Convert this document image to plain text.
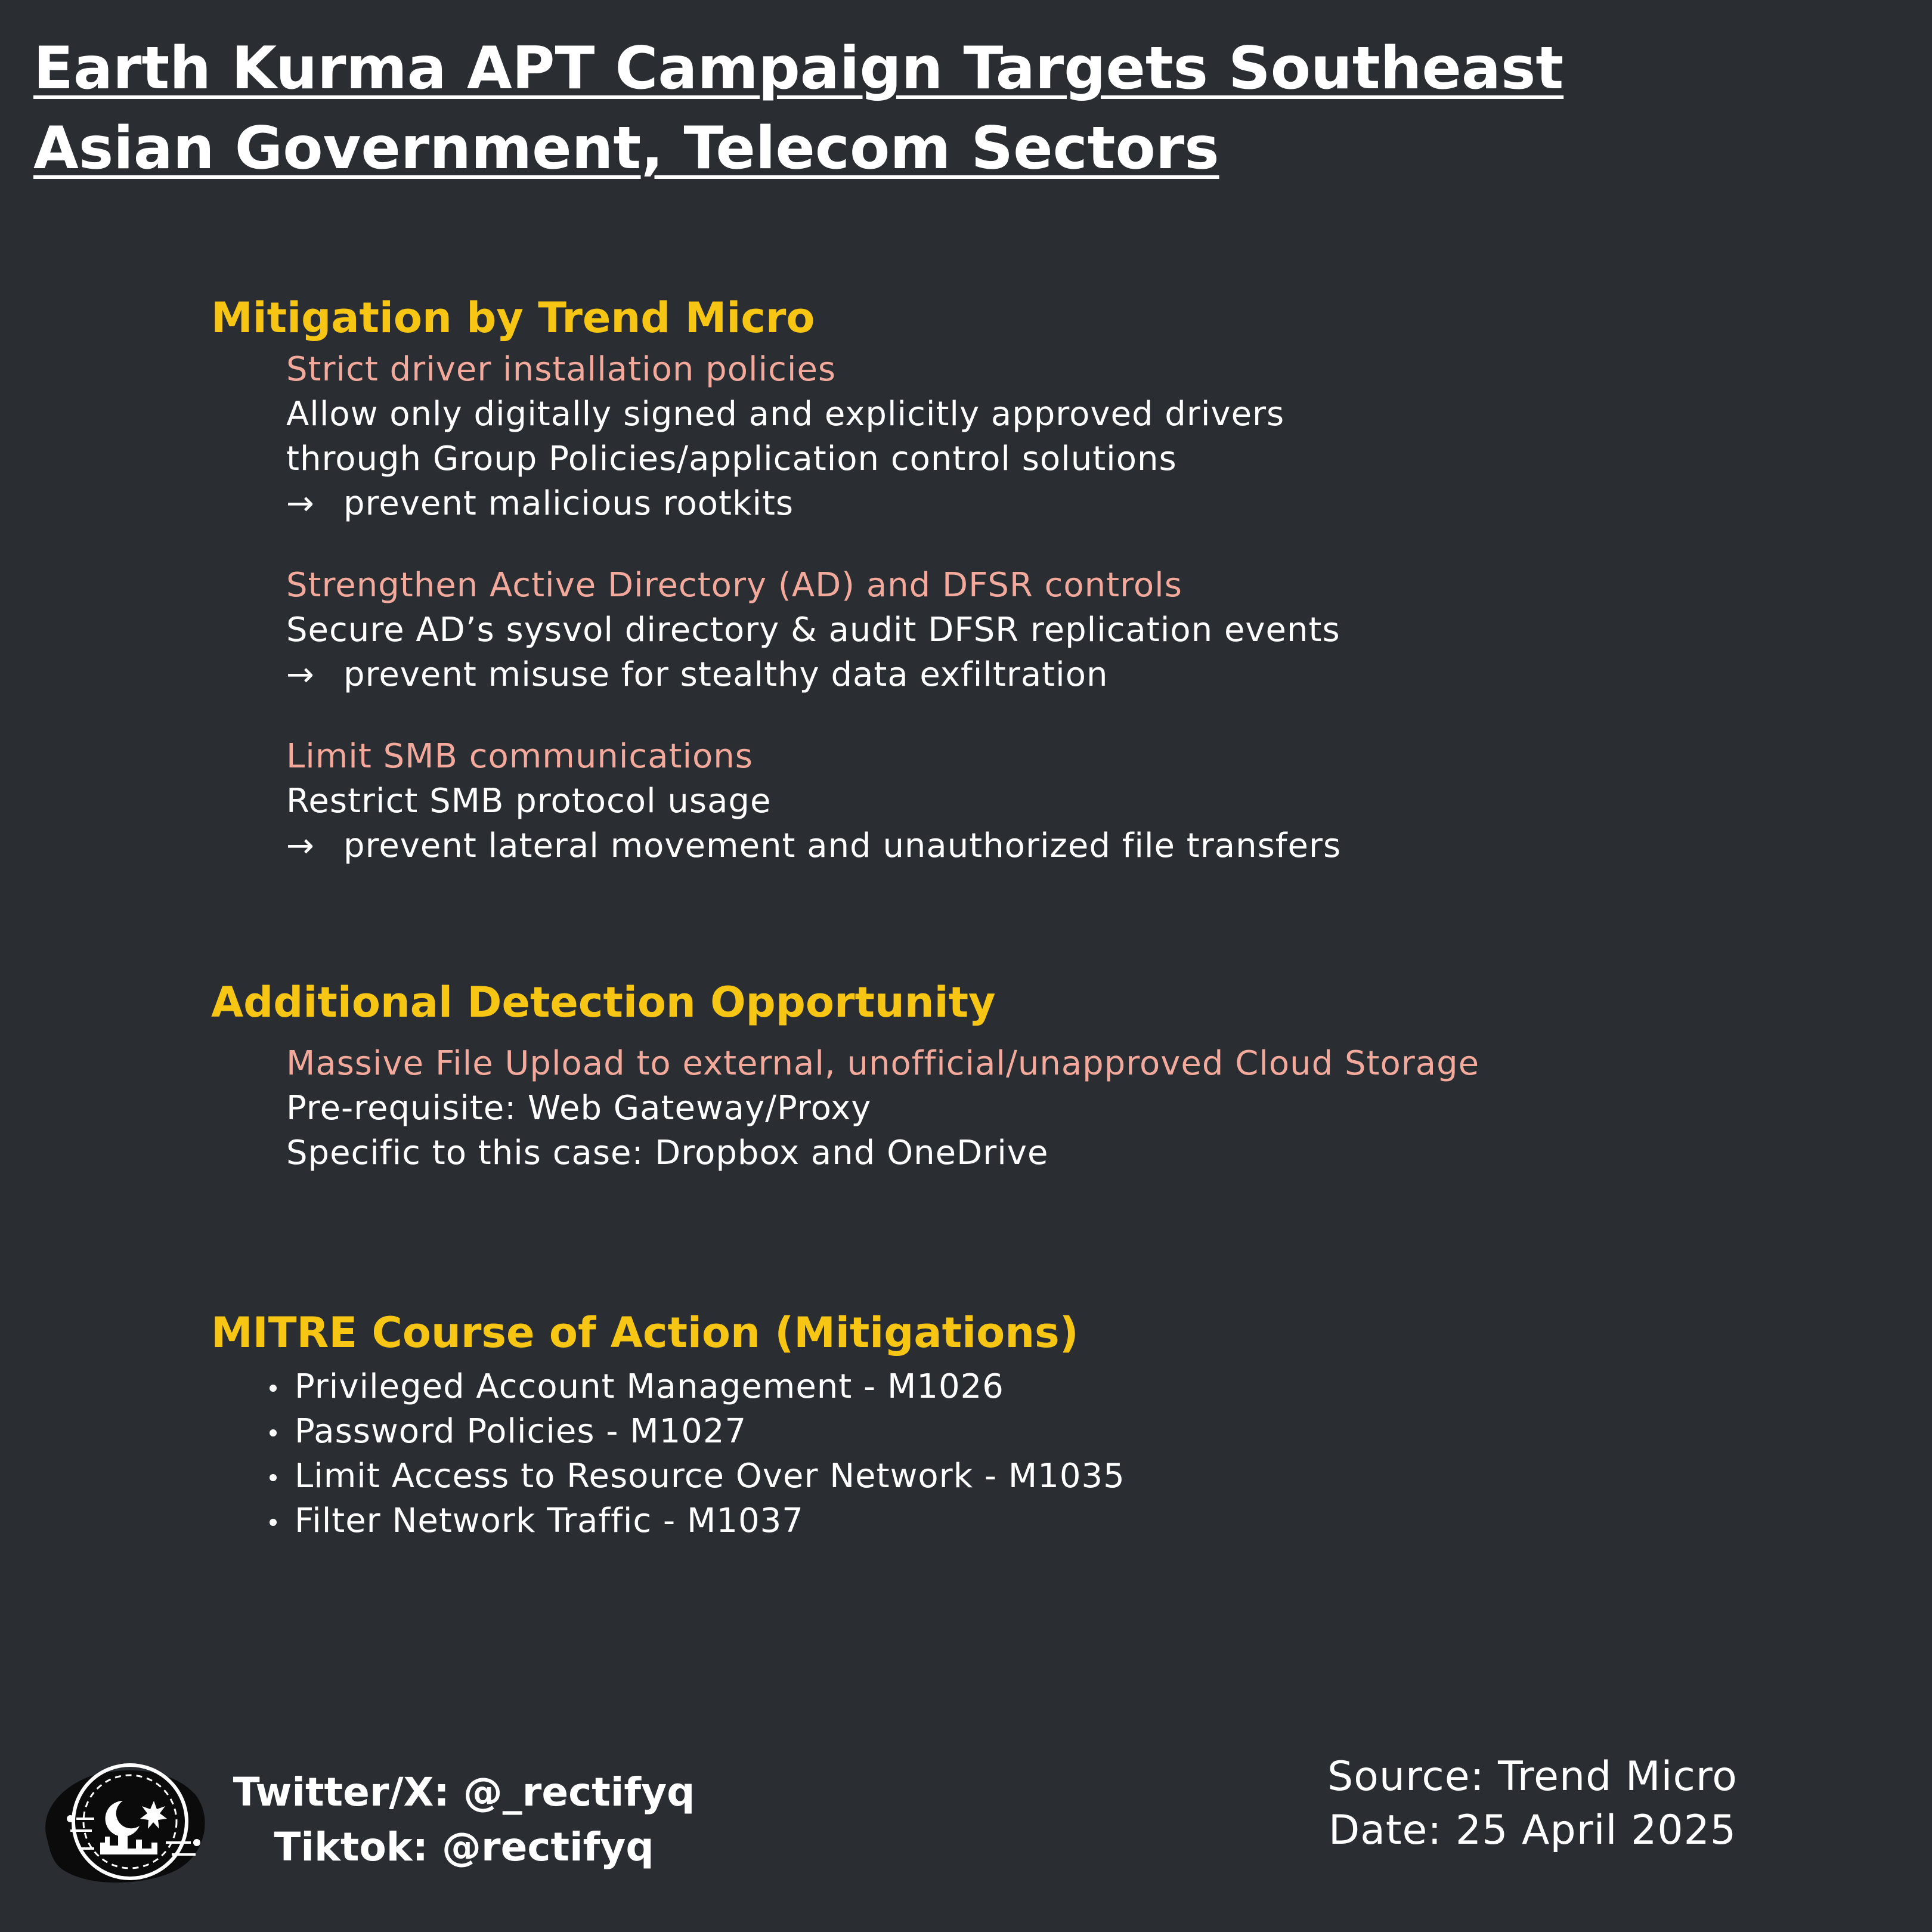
Earth Kurma APT Campaign Targets Southeast
Asian Government, Telecom Sectors
Mitigation by Trend Micro
Strict driver installation policies
Allow only digitally signed and explicitly approved drivers
through Group Policies/application control solutions
→ prevent malicious rootkits
Strengthen Active Directory (AD) and DFSR controls
Secure AD’s sysvol directory & audit DFSR replication events
→ prevent misuse for stealthy data exfiltration
Limit SMB communications
Restrict SMB protocol usage
→ prevent lateral movement and unauthorized file transfers
Additional Detection Opportunity
Massive File Upload to external, unofficial/unapproved Cloud Storage
Pre-requisite: Web Gateway/Proxy
Specific to this case: Dropbox and OneDrive
MITRE Course of Action (Mitigations)
Privileged Account Management - M1026
Password Policies - M1027
Limit Access to Resource Over Network - M1035
Filter Network Traffic - M1037
Twitter/X: @_rectifyq
Tiktok: @rectifyq
Source: Trend Micro
Date: 25 April 2025
